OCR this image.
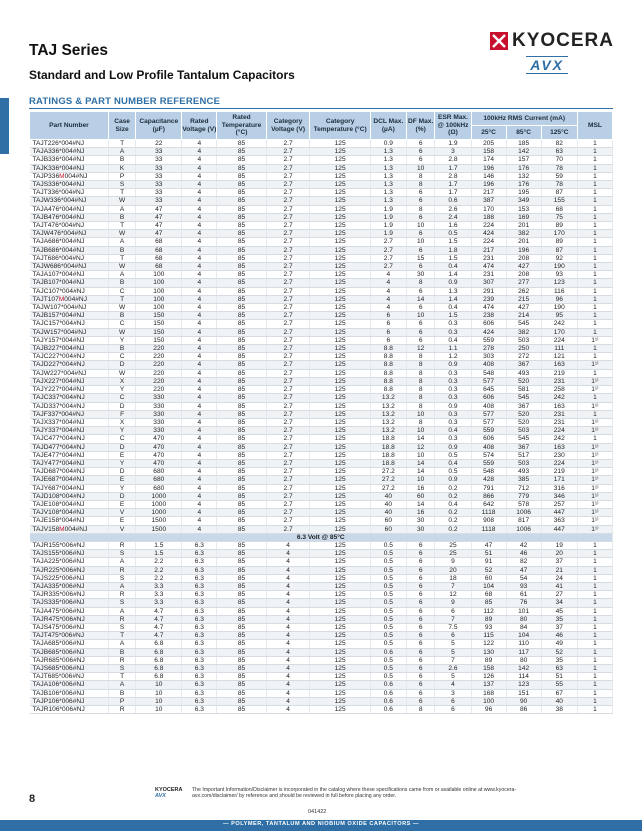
TAJ Series
Standard and Low Profile Tantalum Capacitors
KYOCERA
AVX
RATINGS & PART NUMBER REFERENCE
Part Number	Case Size	Capacitance (µF)	Rated Voltage (V)	Rated Temperature (°C)	Category Voltage (V)	Category Temperature (°C)	DCL Max. (µA)	DF Max. (%)	ESR Max. @ 100kHz (Ω)	100kHz RMS Current (mA)			MSL
										25°C	85°C	125°C	
TAJT226*004#NJ	T	22	4	85	2.7	125	0.9	6	1.9	205	185	82	1
TAJA336*004#NJ	A	33	4	85	2.7	125	1.3	6	3	158	142	63	1
TAJB336*004#NJ	B	33	4	85	2.7	125	1.3	6	2.8	174	157	70	1
TAJK336*004#NJ	K	33	4	85	2.7	125	1.3	10	1.7	196	176	78	1
TAJP336M004#NJ	P	33	4	85	2.7	125	1.3	8	2.8	146	132	59	1
TAJS336*004#NJ	S	33	4	85	2.7	125	1.3	8	1.7	196	176	78	1
TAJT336*004#NJ	T	33	4	85	2.7	125	1.3	6	1.7	217	195	87	1
TAJW336*004#NJ	W	33	4	85	2.7	125	1.3	6	0.6	387	349	155	1
TAJA476*004#NJ	A	47	4	85	2.7	125	1.9	8	2.6	170	153	68	1
TAJB476*004#NJ	B	47	4	85	2.7	125	1.9	6	2.4	188	169	75	1
TAJT476*004#NJ	T	47	4	85	2.7	125	1.9	10	1.6	224	201	89	1
TAJW476*004#NJ	W	47	4	85	2.7	125	1.9	6	0.5	424	382	170	1
TAJA686*004#NJ	A	68	4	85	2.7	125	2.7	10	1.5	224	201	89	1
TAJB686*004#NJ	B	68	4	85	2.7	125	2.7	6	1.8	217	196	87	1
TAJT686*004#NJ	T	68	4	85	2.7	125	2.7	15	1.5	231	208	92	1
TAJW686*004#NJ	W	68	4	85	2.7	125	2.7	6	0.4	474	427	190	1
TAJA107*004#NJ	A	100	4	85	2.7	125	4	30	1.4	231	208	93	1
TAJB107*004#NJ	B	100	4	85	2.7	125	4	8	0.9	307	277	123	1
TAJC107*004#NJ	C	100	4	85	2.7	125	4	6	1.3	291	262	116	1
TAJT107M004#NJ	T	100	4	85	2.7	125	4	14	1.4	239	215	96	1
TAJW107*004#NJ	W	100	4	85	2.7	125	4	6	0.4	474	427	190	1
TAJB157*004#NJ	B	150	4	85	2.7	125	6	10	1.5	238	214	95	1
TAJC157*004#NJ	C	150	4	85	2.7	125	6	6	0.3	606	545	242	1
TAJW157*004#NJ	W	150	4	85	2.7	125	6	6	0.3	424	382	170	1
TAJY157*004#NJ	Y	150	4	85	2.7	125	6	6	0.4	559	503	224	1¹⁾
TAJB227*004#NJ	B	220	4	85	2.7	125	8.8	12	1.1	278	250	111	1
TAJC227*004#NJ	C	220	4	85	2.7	125	8.8	8	1.2	303	272	121	1
TAJD227*004#NJ	D	220	4	85	2.7	125	8.8	8	0.9	408	367	163	1¹⁾
TAJW227*004#NJ	W	220	4	85	2.7	125	8.8	8	0.3	548	493	219	1
TAJX227*004#NJ	X	220	4	85	2.7	125	8.8	8	0.3	577	520	231	1¹⁾
TAJY227*004#NJ	Y	220	4	85	2.7	125	8.8	8	0.3	645	581	258	1¹⁾
TAJC337*004#NJ	C	330	4	85	2.7	125	13.2	8	0.3	606	545	242	1
TAJD337*004#NJ	D	330	4	85	2.7	125	13.2	8	0.9	408	367	163	1¹⁾
TAJF337*004#NJ	F	330	4	85	2.7	125	13.2	10	0.3	577	520	231	1
TAJX337*004#NJ	X	330	4	85	2.7	125	13.2	8	0.3	577	520	231	1¹⁾
TAJY337*004#NJ	Y	330	4	85	2.7	125	13.2	10	0.4	559	503	224	1¹⁾
TAJC477*004#NJ	C	470	4	85	2.7	125	18.8	14	0.3	606	545	242	1
TAJD477*004#NJ	D	470	4	85	2.7	125	18.8	12	0.9	408	367	163	1¹⁾
TAJE477*004#NJ	E	470	4	85	2.7	125	18.8	10	0.5	574	517	230	1¹⁾
TAJY477*004#NJ	Y	470	4	85	2.7	125	18.8	14	0.4	559	503	224	1¹⁾
TAJD687*004#NJ	D	680	4	85	2.7	125	27.2	14	0.5	548	493	219	1¹⁾
TAJE687*004#NJ	E	680	4	85	2.7	125	27.2	10	0.9	428	385	171	1¹⁾
TAJY687*004#NJ	Y	680	4	85	2.7	125	27.2	16	0.2	791	712	316	1¹⁾
TAJD108*004#NJ	D	1000	4	85	2.7	125	40	60	0.2	866	779	346	1¹⁾
TAJE108*004#NJ	E	1000	4	85	2.7	125	40	14	0.4	642	578	257	1¹⁾
TAJV108*004#NJ	V	1000	4	85	2.7	125	40	16	0.2	1118	1006	447	1¹⁾
TAJE158*004#NJ	E	1500	4	85	2.7	125	60	30	0.2	908	817	363	1¹⁾
TAJV158M004#NJ	V	1500	4	85	2.7	125	60	30	0.2	1118	1006	447	1¹⁾
6.3 Volt @ 85°C													
TAJR155*006#NJ	R	1.5	6.3	85	4	125	0.5	6	25	47	42	19	1
TAJS155*006#NJ	S	1.5	6.3	85	4	125	0.5	6	25	51	46	20	1
TAJA225*006#NJ	A	2.2	6.3	85	4	125	0.5	6	9	91	82	37	1
TAJR225*006#NJ	R	2.2	6.3	85	4	125	0.5	6	20	52	47	21	1
TAJS225*006#NJ	S	2.2	6.3	85	4	125	0.5	6	18	60	54	24	1
TAJA335*006#NJ	A	3.3	6.3	85	4	125	0.5	6	7	104	93	41	1
TAJR335*006#NJ	R	3.3	6.3	85	4	125	0.5	6	12	68	61	27	1
TAJS335*006#NJ	S	3.3	6.3	85	4	125	0.5	6	9	85	76	34	1
TAJA475*006#NJ	A	4.7	6.3	85	4	125	0.5	6	6	112	101	45	1
TAJR475*006#NJ	R	4.7	6.3	85	4	125	0.5	6	7	89	80	35	1
TAJS475*006#NJ	S	4.7	6.3	85	4	125	0.5	6	7.5	93	84	37	1
TAJT475*006#NJ	T	4.7	6.3	85	4	125	0.5	6	6	115	104	46	1
TAJA685*006#NJ	A	6.8	6.3	85	4	125	0.5	6	5	122	110	49	1
TAJB685*006#NJ	B	6.8	6.3	85	4	125	0.6	6	5	130	117	52	1
TAJR685*006#NJ	R	6.8	6.3	85	4	125	0.5	6	7	89	80	35	1
TAJS685*006#NJ	S	6.8	6.3	85	4	125	0.5	6	2.6	158	142	63	1
TAJT685*006#NJ	T	6.8	6.3	85	4	125	0.5	6	5	126	114	51	1
TAJA106*006#NJ	A	10	6.3	85	4	125	0.6	6	4	137	123	55	1
TAJB106*006#NJ	B	10	6.3	85	4	125	0.6	6	3	168	151	67	1
TAJP106*006#NJ	P	10	6.3	85	4	125	0.6	6	6	100	90	40	1
TAJR106*006#NJ	R	10	6.3	85	4	125	0.6	8	6	96	86	38	1
8
KYOCERA
AVX
The Important Information/Disclaimer is incorporated in the catalog where these specifications came from or available online at www.kyocera-avx.com/disclaimer/ by reference and should be reviewed in full before placing any order.
041422
— POLYMER, TANTALUM AND NIOBIUM OXIDE CAPACITORS —
